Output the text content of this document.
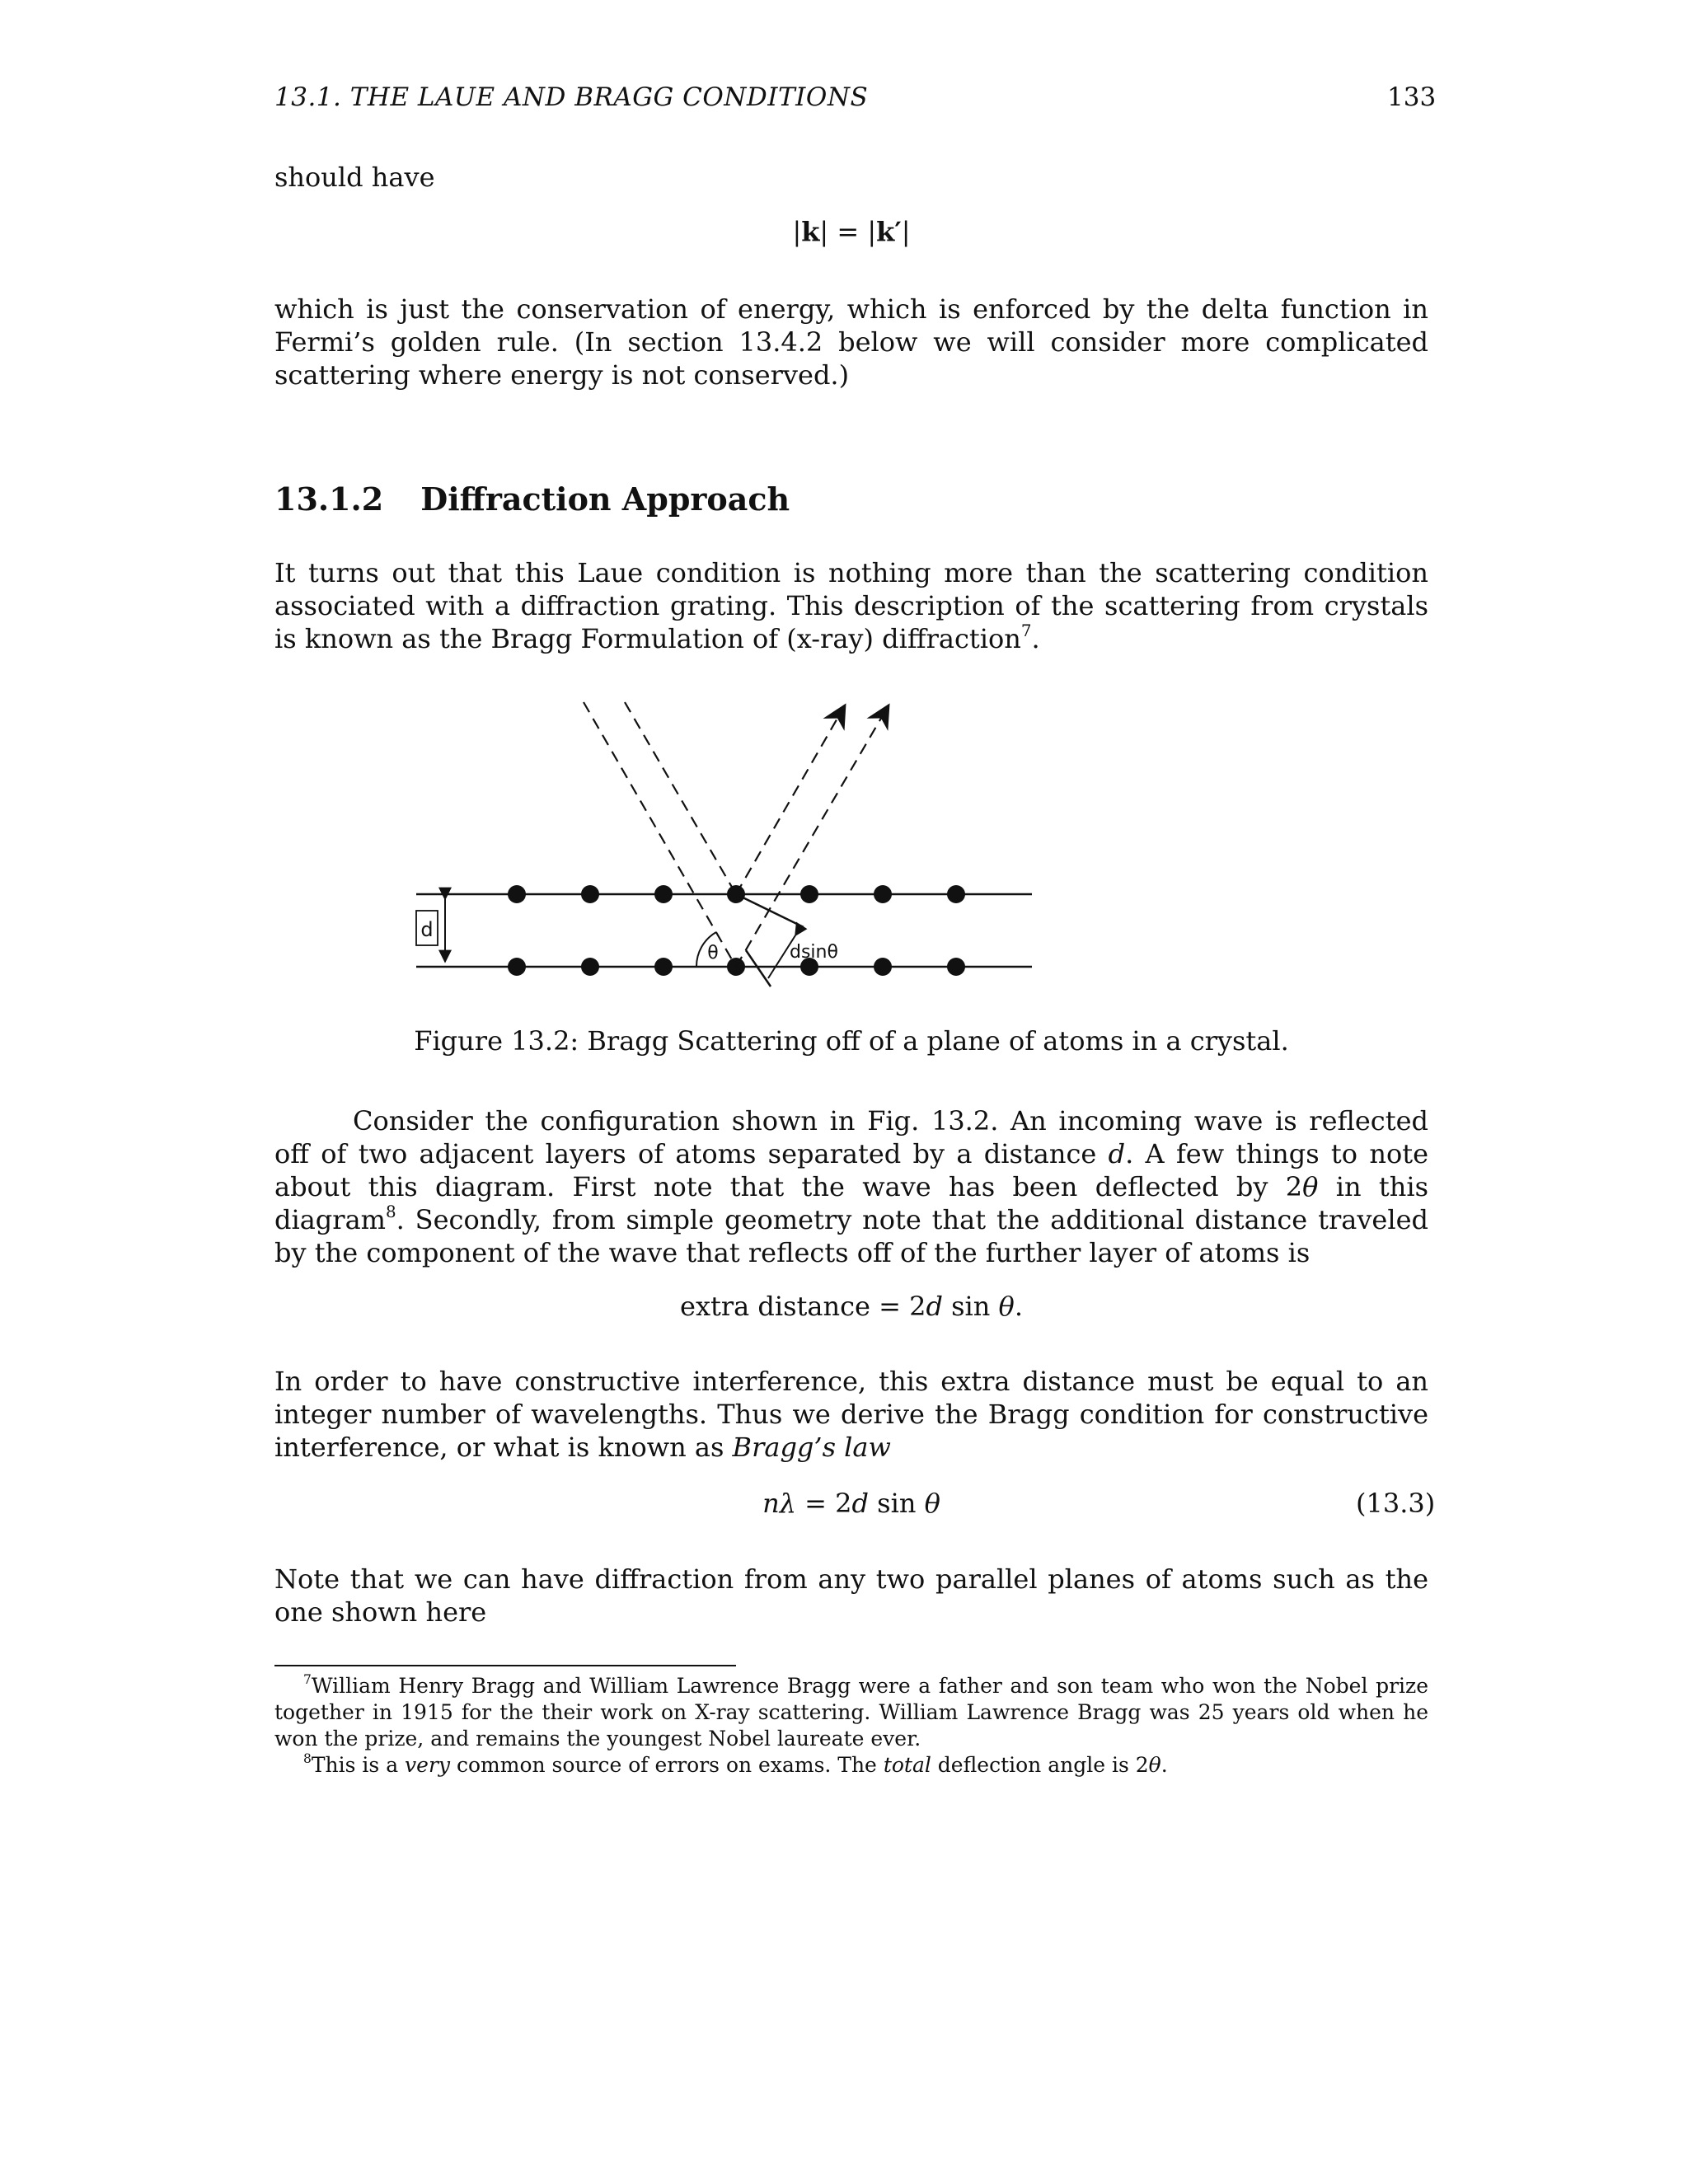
13.1. THE LAUE AND BRAGG CONDITIONS	133
should have
|k| = |k′|
which is just the conservation of energy, which is enforced by the delta function in Fermi’s golden rule. (In section 13.4.2 below we will consider more complicated scattering where energy is not conserved.)
13.1.2 Diffraction Approach
It turns out that this Laue condition is nothing more than the scattering condition associated with a diffraction grating. This description of the scattering from crystals is known as the Bragg Formulation of (x-ray) diffraction$^7$.
d
θ	dsinθ
Figure 13.2: Bragg Scattering off of a plane of atoms in a crystal.
Consider the configuration shown in Fig. 13.2. An incoming wave is reflected off of two adjacent layers of atoms separated by a distance d. A few things to note about this diagram. First note that the wave has been deflected by 2θ in this diagram$^8$. Secondly, from simple geometry note that the additional distance traveled by the component of the wave that reflects off of the further layer of atoms is
extra distance = 2d sin θ.
In order to have constructive interference, this extra distance must be equal to an integer number of wavelengths. Thus we derive the Bragg condition for constructive interference, or what is known as Bragg’s law
nλ = 2d sin θ	(13.3)
Note that we can have diffraction from any two parallel planes of atoms such as the one shown here
$^7$William Henry Bragg and William Lawrence Bragg were a father and son team who won the Nobel prize together in 1915 for the their work on X-ray scattering. William Lawrence Bragg was 25 years old when he won the prize, and remains the youngest Nobel laureate ever.
$^8$This is a very common source of errors on exams. The total deflection angle is 2θ.
